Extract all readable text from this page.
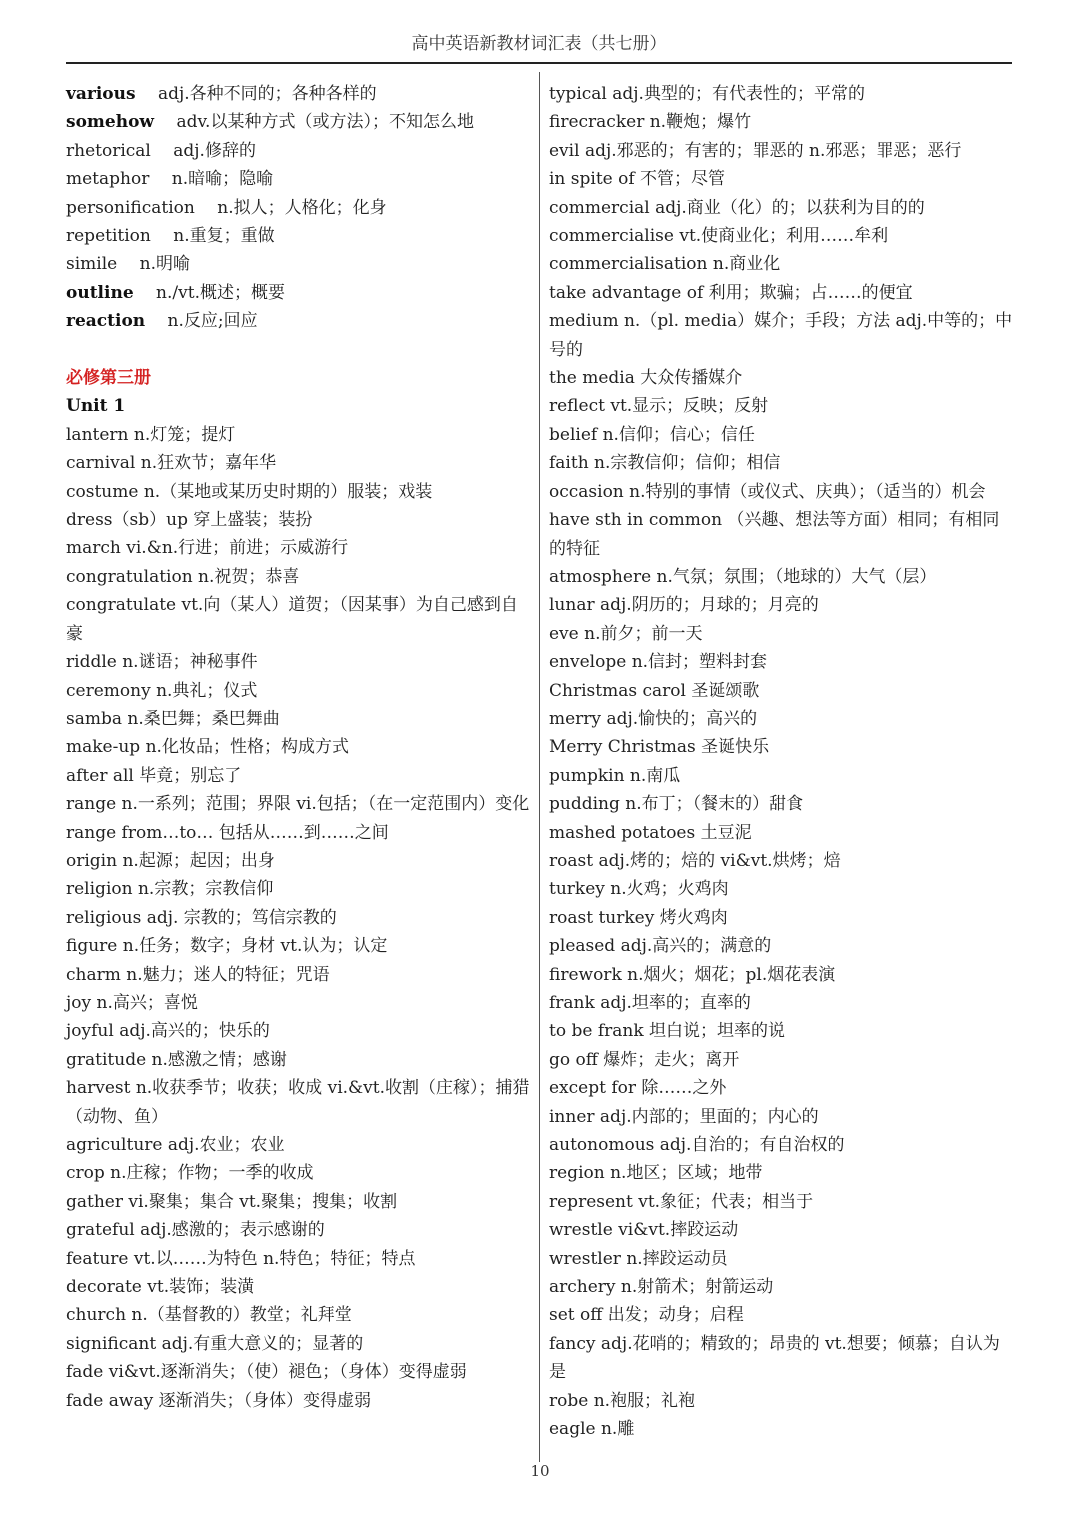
高中英语新教材词汇表（共七册）
various　 adj.各种不同的；各种各样的
somehow　 adv.以某种方式（或方法）；不知怎么地
rhetorical　 adj.修辞的
metaphor　 n.暗喻；隐喻
personification　 n.拟人；人格化；化身
repetition　 n.重复；重做
simile　 n.明喻
outline　 n./vt.概述；概要
reaction　 n.反应;回应
必修第三册
Unit 1
lantern n.灯笼；提灯
carnival n.狂欢节；嘉年华
costume n.（某地或某历史时期的）服装；戏装
dress（sb）up 穿上盛装；装扮
march vi.&n.行进；前进；示威游行
congratulation n.祝贺；恭喜
congratulate vt.向（某人）道贺；（因某事）为自己感到自豪
riddle n.谜语；神秘事件
ceremony n.典礼；仪式
samba n.桑巴舞；桑巴舞曲
make-up n.化妆品；性格；构成方式
after all 毕竟；别忘了
range n.一系列；范围；界限 vi.包括；（在一定范围内）变化
range from…to… 包括从……到……之间
origin n.起源；起因；出身
religion n.宗教；宗教信仰
religious adj. 宗教的；笃信宗教的
figure n.任务；数字；身材 vt.认为；认定
charm n.魅力；迷人的特征；咒语
joy n.高兴；喜悦
joyful adj.高兴的；快乐的
gratitude n.感激之情；感谢
harvest n.收获季节；收获；收成 vi.&vt.收割（庄稼）；捕猎（动物、鱼）
agriculture adj.农业；农业
crop n.庄稼；作物；一季的收成
gather vi.聚集；集合 vt.聚集；搜集；收割
grateful adj.感激的；表示感谢的
feature vt.以……为特色 n.特色；特征；特点
decorate vt.装饰；装潢
church n.（基督教的）教堂；礼拜堂
significant adj.有重大意义的；显著的
fade vi&vt.逐渐消失；（使）褪色；（身体）变得虚弱
fade away 逐渐消失；（身体）变得虚弱
typical adj.典型的；有代表性的；平常的
firecracker n.鞭炮；爆竹
evil adj.邪恶的；有害的；罪恶的 n.邪恶；罪恶；恶行
in spite of 不管；尽管
commercial adj.商业（化）的；以获利为目的的
commercialise vt.使商业化；利用……牟利
commercialisation n.商业化
take advantage of 利用；欺骗；占……的便宜
medium n.（pl. media）媒介；手段；方法 adj.中等的；中号的
the media 大众传播媒介
reflect vt.显示；反映；反射
belief n.信仰；信心；信任
faith n.宗教信仰；信仰；相信
occasion n.特别的事情（或仪式、庆典）；（适当的）机会
have sth in common （兴趣、想法等方面）相同；有相同的特征
atmosphere n.气氛；氛围；（地球的）大气（层）
lunar adj.阴历的；月球的；月亮的
eve n.前夕；前一天
envelope n.信封；塑料封套
Christmas carol 圣诞颂歌
merry adj.愉快的；高兴的
Merry Christmas 圣诞快乐
pumpkin n.南瓜
pudding n.布丁；（餐末的）甜食
mashed potatoes 土豆泥
roast adj.烤的；焙的 vi&vt.烘烤；焙
turkey n.火鸡；火鸡肉
roast turkey 烤火鸡肉
pleased adj.高兴的；满意的
firework n.烟火；烟花；pl.烟花表演
frank adj.坦率的；直率的
to be frank 坦白说；坦率的说
go off 爆炸；走火；离开
except for 除……之外
inner adj.内部的；里面的；内心的
autonomous adj.自治的；有自治权的
region n.地区；区域；地带
represent vt.象征；代表；相当于
wrestle vi&vt.摔跤运动
wrestler n.摔跤运动员
archery n.射箭术；射箭运动
set off 出发；动身；启程
fancy adj.花哨的；精致的；昂贵的 vt.想要；倾慕；自认为是
robe n.袍服；礼袍
eagle n.雕
10
